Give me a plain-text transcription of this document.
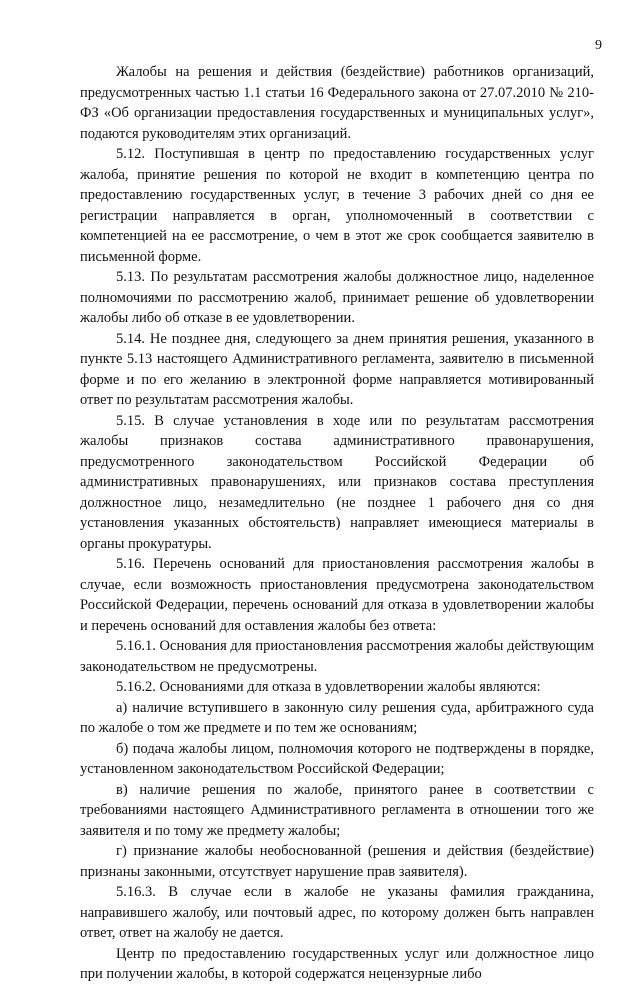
9

Жалобы на решения и действия (бездействие) работников организаций, предусмотренных частью 1.1 статьи 16 Федерального закона от 27.07.2010 № 210-ФЗ «Об организации предоставления государственных и муниципальных услуг», подаются руководителям этих организаций.

5.12. Поступившая в центр по предоставлению государственных услуг жалоба, принятие решения по которой не входит в компетенцию центра по предоставлению государственных услуг, в течение 3 рабочих дней со дня ее регистрации направляется в орган, уполномоченный в соответствии с компетенцией на ее рассмотрение, о чем в этот же срок сообщается заявителю в письменной форме.

5.13. По результатам рассмотрения жалобы должностное лицо, наделенное полномочиями по рассмотрению жалоб, принимает решение об удовлетворении жалобы либо об отказе в ее удовлетворении.

5.14. Не позднее дня, следующего за днем принятия решения, указанного в пункте 5.13 настоящего Административного регламента, заявителю в письменной форме и по его желанию в электронной форме направляется мотивированный ответ по результатам рассмотрения жалобы.

5.15. В случае установления в ходе или по результатам рассмотрения жалобы признаков состава административного правонарушения, предусмотренного законодательством Российской Федерации об административных правонарушениях, или признаков состава преступления должностное лицо, незамедлительно (не позднее 1 рабочего дня со дня установления указанных обстоятельств) направляет имеющиеся материалы в органы прокуратуры.

5.16. Перечень оснований для приостановления рассмотрения жалобы в случае, если возможность приостановления предусмотрена законодательством Российской Федерации, перечень оснований для отказа в удовлетворении жалобы и перечень оснований для оставления жалобы без ответа:

5.16.1. Основания для приостановления рассмотрения жалобы действующим законодательством не предусмотрены.

5.16.2. Основаниями для отказа в удовлетворении жалобы являются:

а) наличие вступившего в законную силу решения суда, арбитражного суда по жалобе о том же предмете и по тем же основаниям;

б) подача жалобы лицом, полномочия которого не подтверждены в порядке, установленном законодательством Российской Федерации;

в) наличие решения по жалобе, принятого ранее в соответствии с требованиями настоящего Административного регламента в отношении того же заявителя и по тому же предмету жалобы;

г) признание жалобы необоснованной (решения и действия (бездействие) признаны законными, отсутствует нарушение прав заявителя).

5.16.3. В случае если в жалобе не указаны фамилия гражданина, направившего жалобу, или почтовый адрес, по которому должен быть направлен ответ, ответ на жалобу не дается.

Центр по предоставлению государственных услуг или должностное лицо при получении жалобы, в которой содержатся нецензурные либо
